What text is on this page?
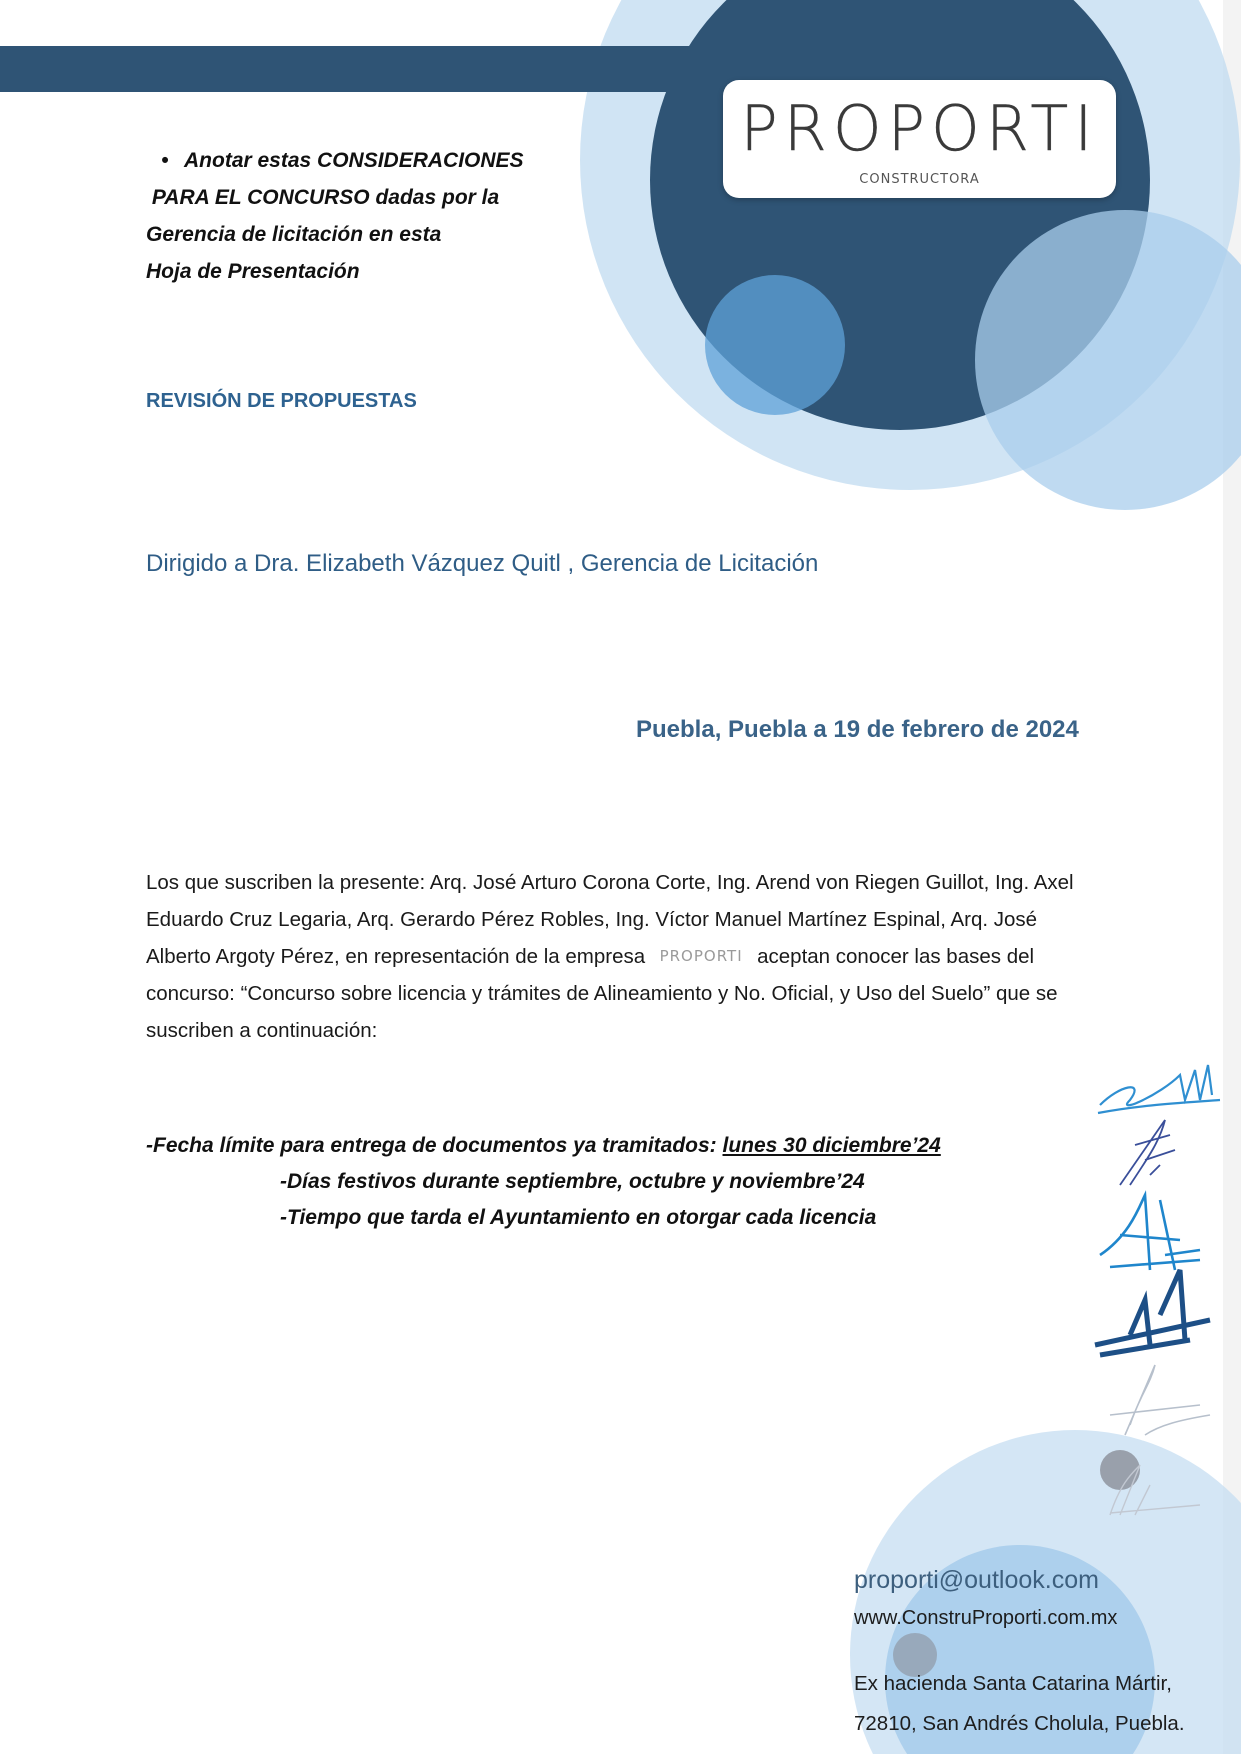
PROPORTI
CONSTRUCTORA
• Anotar estas CONSIDERACIONES
PARA EL CONCURSO dadas por la
Gerencia de licitación en esta
Hoja de Presentación
REVISIÓN DE PROPUESTAS
Dirigido a Dra. Elizabeth Vázquez Quitl , Gerencia de Licitación
Puebla, Puebla a 19 de febrero de 2024
Los que suscriben la presente: Arq. José Arturo Corona Corte, Ing. Arend von Riegen Guillot, Ing. Axel Eduardo Cruz Legaria, Arq. Gerardo Pérez Robles, Ing. Víctor Manuel Martínez Espinal, Arq. José Alberto Argoty Pérez, en representación de la empresa PROPORTI aceptan conocer las bases del concurso: “Concurso sobre licencia y trámites de Alineamiento y No. Oficial, y Uso del Suelo” que se suscriben a continuación:
-Fecha límite para entrega de documentos ya tramitados: lunes 30 diciembre’24
-Días festivos durante septiembre, octubre y noviembre’24
-Tiempo que tarda el Ayuntamiento en otorgar cada licencia
proporti@outlook.com
www.ConstruProporti.com.mx
Ex hacienda Santa Catarina Mártir,
72810, San Andrés Cholula, Puebla.
